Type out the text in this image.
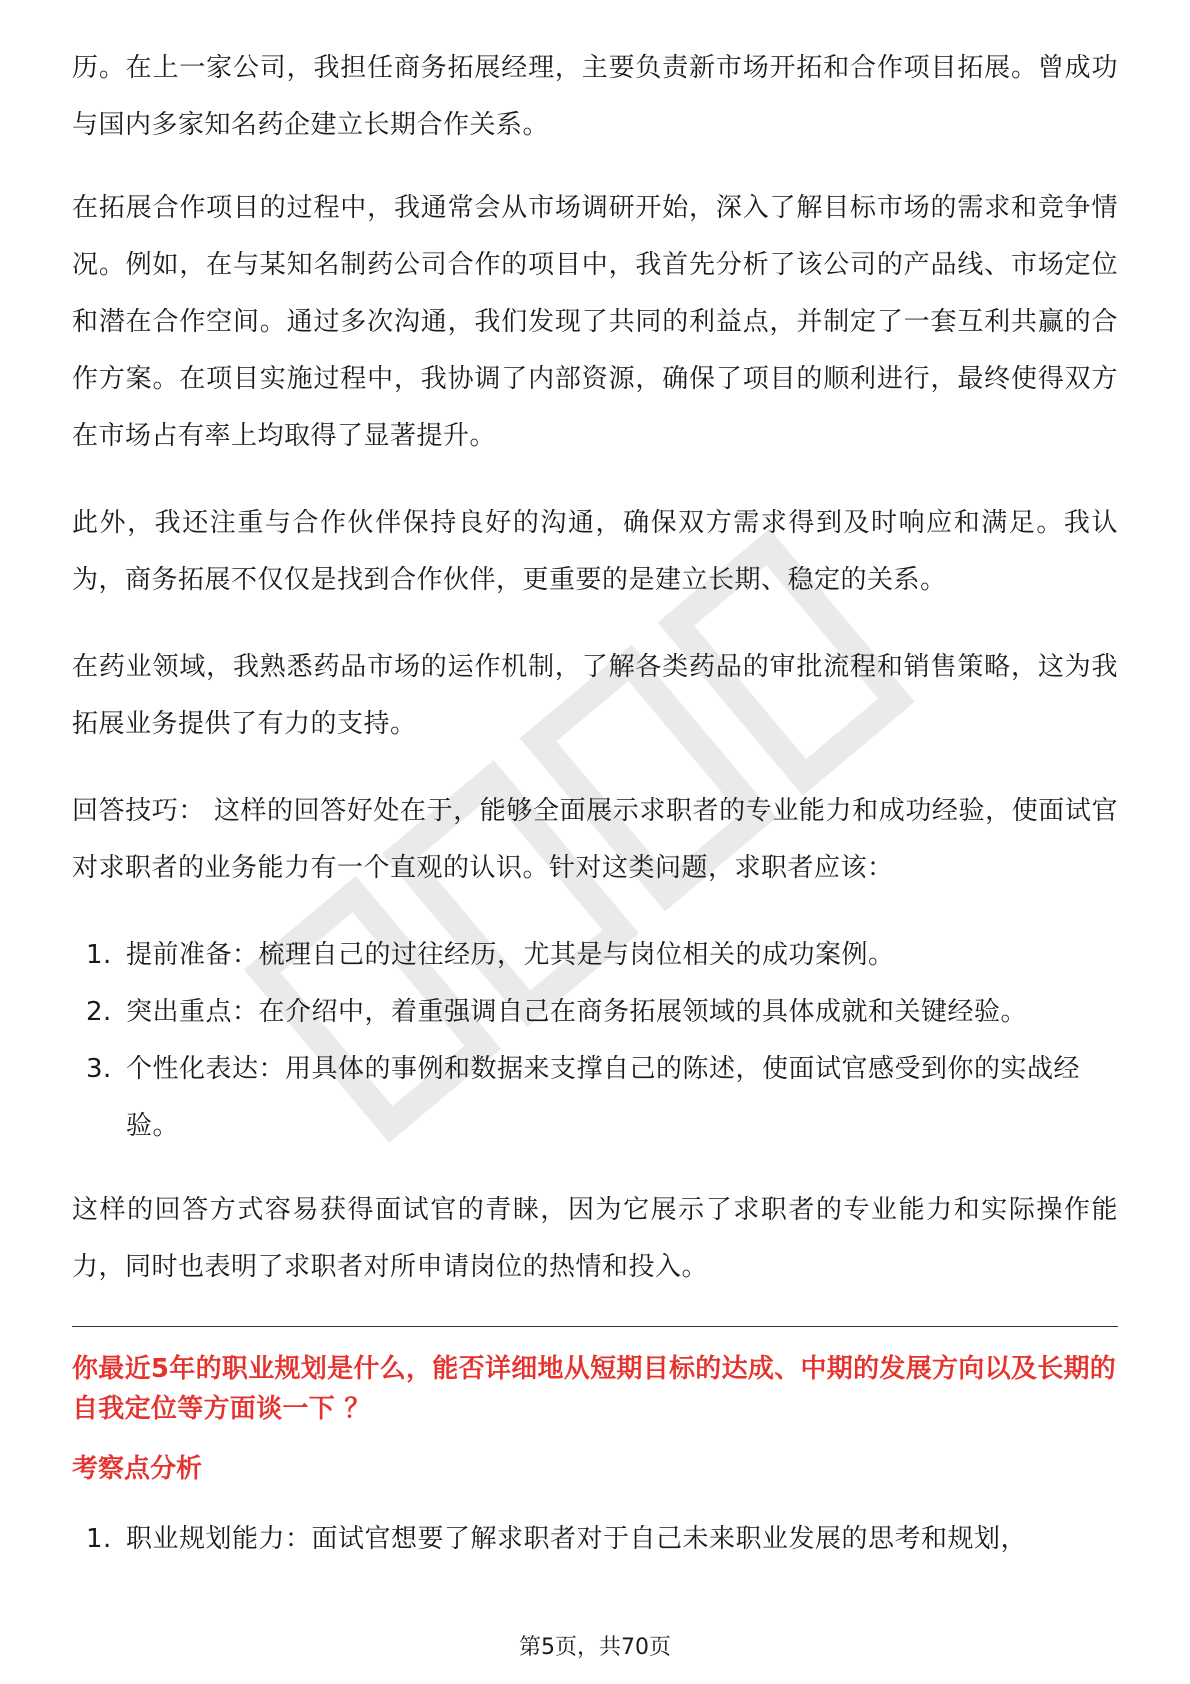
历。在上一家公司，我担任商务拓展经理，主要负责新市场开拓和合作项目拓展。曾成功与国内多家知名药企建立长期合作关系。

在拓展合作项目的过程中，我通常会从市场调研开始，深入了解目标市场的需求和竞争情况。例如，在与某知名制药公司合作的项目中，我首先分析了该公司的产品线、市场定位和潜在合作空间。通过多次沟通，我们发现了共同的利益点，并制定了一套互利共赢的合作方案。在项目实施过程中，我协调了内部资源，确保了项目的顺利进行，最终使得双方在市场占有率上均取得了显著提升。

此外，我还注重与合作伙伴保持良好的沟通，确保双方需求得到及时响应和满足。我认为，商务拓展不仅仅是找到合作伙伴，更重要的是建立长期、稳定的关系。

在药业领域，我熟悉药品市场的运作机制，了解各类药品的审批流程和销售策略，这为我拓展业务提供了有力的支持。

回答技巧： 这样的回答好处在于，能够全面展示求职者的专业能力和成功经验，使面试官对求职者的业务能力有一个直观的认识。针对这类问题，求职者应该：

1. 提前准备：梳理自己的过往经历，尤其是与岗位相关的成功案例。
2. 突出重点：在介绍中，着重强调自己在商务拓展领域的具体成就和关键经验。
3. 个性化表达：用具体的事例和数据来支撑自己的陈述，使面试官感受到你的实战经验。

这样的回答方式容易获得面试官的青睐，因为它展示了求职者的专业能力和实际操作能力，同时也表明了求职者对所申请岗位的热情和投入。

你最近5年的职业规划是什么，能否详细地从短期目标的达成、中期的发展方向以及长期的自我定位等方面谈一下 ？

考察点分析

1. 职业规划能力：面试官想要了解求职者对于自己未来职业发展的思考和规划，
第5页，共70页
